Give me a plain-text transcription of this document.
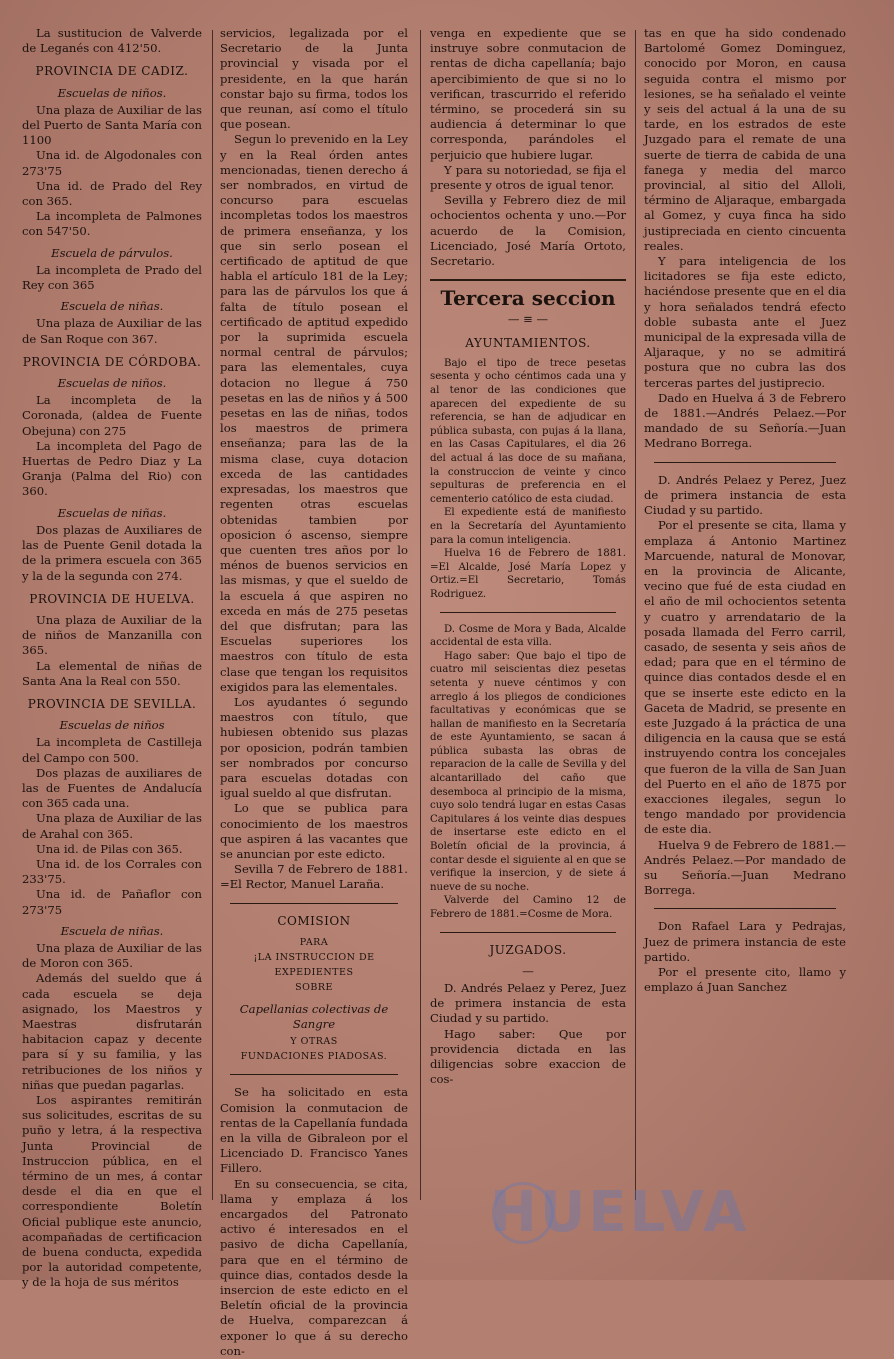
La sustitucion de Valverde de Leganés con 412'50.

PROVINCIA DE CADIZ.

Escuelas de niños.

Una plaza de Auxiliar de las del Puerto de Santa María con 1100

Una id. de Algodonales con 273'75

Una id. de Prado del Rey con 365.

La incompleta de Palmones con 547'50.

Escuela de párvulos.

La incompleta de Prado del Rey con 365

Escuela de niñas.

Una plaza de Auxiliar de las de San Roque con 367.

PROVINCIA DE CÓRDOBA.

Escuelas de niños.

La incompleta de la Coronada, (aldea de Fuente Obejuna) con 275

La incompleta del Pago de Huertas de Pedro Diaz y La Granja (Palma del Rio) con 360.

Escuelas de niñas.

Dos plazas de Auxiliares de las de Puente Genil dotada la de la primera escuela con 365 y la de la segunda con 274.

PROVINCIA DE HUELVA.

Una plaza de Auxiliar de la de niños de Manzanilla con 365.

La elemental de niñas de Santa Ana la Real con 550.

PROVINCIA DE SEVILLA.

Escuelas de niños

La incompleta de Castilleja del Campo con 500.

Dos plazas de auxiliares de las de Fuentes de Andalucía con 365 cada una.

Una plaza de Auxiliar de las de Arahal con 365.

Una id. de Pilas con 365.

Una id. de los Corrales con 233'75.

Una id. de Pañaflor con 273'75

Escuela de niñas.

Una plaza de Auxiliar de las de Moron con 365.

Además del sueldo que á cada escuela se deja asignado, los Maestros y Maestras disfrutarán habitacion capaz y decente para sí y su familia, y las retribuciones de los niños y niñas que puedan pagarlas.

Los aspirantes remitirán sus solicitudes, escritas de su puño y letra, á la respectiva Junta Provincial de Instruccion pública, en el término de un mes, á contar desde el dia en que el correspondiente Boletín Oficial publique este anuncio, acompañadas de certificacion de buena conducta, expedida por la autoridad competente, y de la hoja de sus méritos

servicios, legalizada por el Secretario de la Junta provincial y visada por el presidente, en la que harán constar bajo su firma, todos los que reunan, así como el título que posean.

Segun lo prevenido en la Ley y en la Real órden antes mencionadas, tienen derecho á ser nombrados, en virtud de concurso para escuelas incompletas todos los maestros de primera enseñanza, y los que sin serlo posean el certificado de aptitud de que habla el artículo 181 de la Ley; para las de párvulos los que á falta de título posean el certificado de aptitud expedido por la suprimida escuela normal central de párvulos; para las elementales, cuya dotacion no llegue á 750 pesetas en las de niños y á 500 pesetas en las de niñas, todos los maestros de primera enseñanza; para las de la misma clase, cuya dotacion exceda de las cantidades expresadas, los maestros que regenten otras escuelas obtenidas tambien por oposicion ó ascenso, siempre que cuenten tres años por lo ménos de buenos servicios en las mismas, y que el sueldo de la escuela á que aspiren no exceda en más de 275 pesetas del que disfrutan; para las Escuelas superiores los maestros con título de esta clase que tengan los requisitos exigidos para las elementales.

Los ayudantes ó segundo maestros con título, que hubiesen obtenido sus plazas por oposicion, podrán tambien ser nombrados por concurso para escuelas dotadas con igual sueldo al que disfrutan.

Lo que se publica para conocimiento de los maestros que aspiren á las vacantes que se anuncian por este edicto.

Sevilla 7 de Febrero de 1881. =El Rector, Manuel Laraña.

COMISION

PARA

¡LA INSTRUCCION DE EXPEDIENTES

SOBRE

Capellanias colectivas de Sangre

Y OTRAS

FUNDACIONES PIADOSAS.

Se ha solicitado en esta Comision la conmutacion de rentas de la Capellanía fundada en la villa de Gibraleon por el Licenciado D. Francisco Yanes Fillero.

En su consecuencia, se cita, llama y emplaza á los encargados del Patronato activo é interesados en el pasivo de dicha Capellanía, para que en el término de quince dias, contados desde la insercion de este edicto en el Beletín oficial de la provincia de Huelva, comparezcan á exponer lo que á su derecho con-

venga en expediente que se instruye sobre conmutacion de rentas de dicha capellanía; bajo apercibimiento de que si no lo verifican, trascurrido el referido término, se procederá sin su audiencia á determinar lo que corresponda, parándoles el perjuicio que hubiere lugar.

Y para su notoriedad, se fija el presente y otros de igual tenor.

Sevilla y Febrero diez de mil ochocientos ochenta y uno.—Por acuerdo de la Comision, Licenciado, José María Ortoto, Secretario.

Tercera seccion

— ≡ —

AYUNTAMIENTOS.

Bajo el tipo de trece pesetas sesenta y ocho céntimos cada una y al tenor de las condiciones que aparecen del expediente de su referencia, se han de adjudicar en pública subasta, con pujas á la llana, en las Casas Capitulares, el dia 26 del actual á las doce de su mañana, la construccion de veinte y cinco sepulturas de preferencia en el cementerio católico de esta ciudad.

El expediente está de manifiesto en la Secretaría del Ayuntamiento para la comun inteligencia.

Huelva 16 de Febrero de 1881. =El Alcalde, José María Lopez y Ortiz.=El Secretario, Tomás Rodriguez.

D. Cosme de Mora y Bada, Alcalde accidental de esta villa.

Hago saber: Que bajo el tipo de cuatro mil seiscientas diez pesetas setenta y nueve céntimos y con arreglo á los pliegos de condiciones facultativas y económicas que se hallan de manifiesto en la Secretaría de este Ayuntamiento, se sacan á pública subasta las obras de reparacion de la calle de Sevilla y del alcantarillado del caño que desemboca al principio de la misma, cuyo solo tendrá lugar en estas Casas Capitulares á los veinte dias despues de insertarse este edicto en el Boletín oficial de la provincia, á contar desde el siguiente al en que se verifique la insercion, y de siete á nueve de su noche.

Valverde del Camino 12 de Febrero de 1881.=Cosme de Mora.

JUZGADOS.

—

D. Andrés Pelaez y Perez, Juez de primera instancia de esta Ciudad y su partido.

Hago saber: Que por providencia dictada en las diligencias sobre exaccion de cos-

tas en que ha sido condenado Bartolomé Gomez Dominguez, conocido por Moron, en causa seguida contra el mismo por lesiones, se ha señalado el veinte y seis del actual á la una de su tarde, en los estrados de este Juzgado para el remate de una suerte de tierra de cabida de una fanega y media del marco provincial, al sitio del Alloli, término de Aljaraque, embargada al Gomez, y cuya finca ha sido justipreciada en ciento cincuenta reales.

Y para inteligencia de los licitadores se fija este edicto, haciéndose presente que en el dia y hora señalados tendrá efecto doble subasta ante el Juez municipal de la expresada villa de Aljaraque, y no se admitirá postura que no cubra las dos terceras partes del justiprecio.

Dado en Huelva á 3 de Febrero de 1881.—Andrés Pelaez.—Por mandado de su Señoría.—Juan Medrano Borrega.

D. Andrés Pelaez y Perez, Juez de primera instancia de esta Ciudad y su partido.

Por el presente se cita, llama y emplaza á Antonio Martinez Marcuende, natural de Monovar, en la provincia de Alicante, vecino que fué de esta ciudad en el año de mil ochocientos setenta y cuatro y arrendatario de la posada llamada del Ferro carril, casado, de sesenta y seis años de edad; para que en el término de quince dias contados desde el en que se inserte este edicto en la Gaceta de Madrid, se presente en este Juzgado á la práctica de una diligencia en la causa que se está instruyendo contra los concejales que fueron de la villa de San Juan del Puerto en el año de 1875 por exacciones ilegales, segun lo tengo mandado por providencia de este dia.

Huelva 9 de Febrero de 1881.—Andrés Pelaez.—Por mandado de su Señoría.—Juan Medrano Borrega.

Don Rafael Lara y Pedrajas, Juez de primera instancia de este partido.

Por el presente cito, llamo y emplazo á Juan Sanchez

HUELVA
